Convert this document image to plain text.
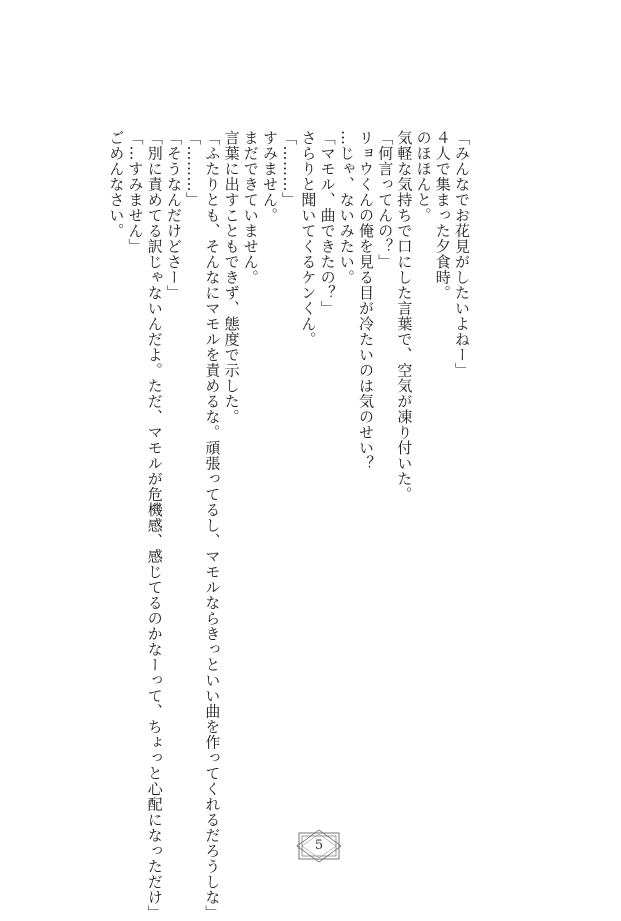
「みんなでお花見がしたいよねー」
４人で集まった夕食時。
のほほんと。
気軽な気持ちで口にした言葉で、空気が凍り付いた。
「何言ってんの？」
リョウくんの俺を見る目が冷たいのは気のせい？
…じゃ、ないみたい。
「マモル、曲できたの？」
さらりと聞いてくるケンくん。
「………」
すみません。
まだできていません。
言葉に出すこともできず、態度で示した。
「ふたりとも、そんなにマモルを責めるな。頑張ってるし、マモルならきっといい曲を作ってくれるだろうしな」
「………」
「そうなんだけどさー」
「別に責めてる訳じゃないんだよ。ただ、マモルが危機感、感じてるのかなーって、ちょっと心配になっただけ」
「…すみません」
ごめんなさい。
5
